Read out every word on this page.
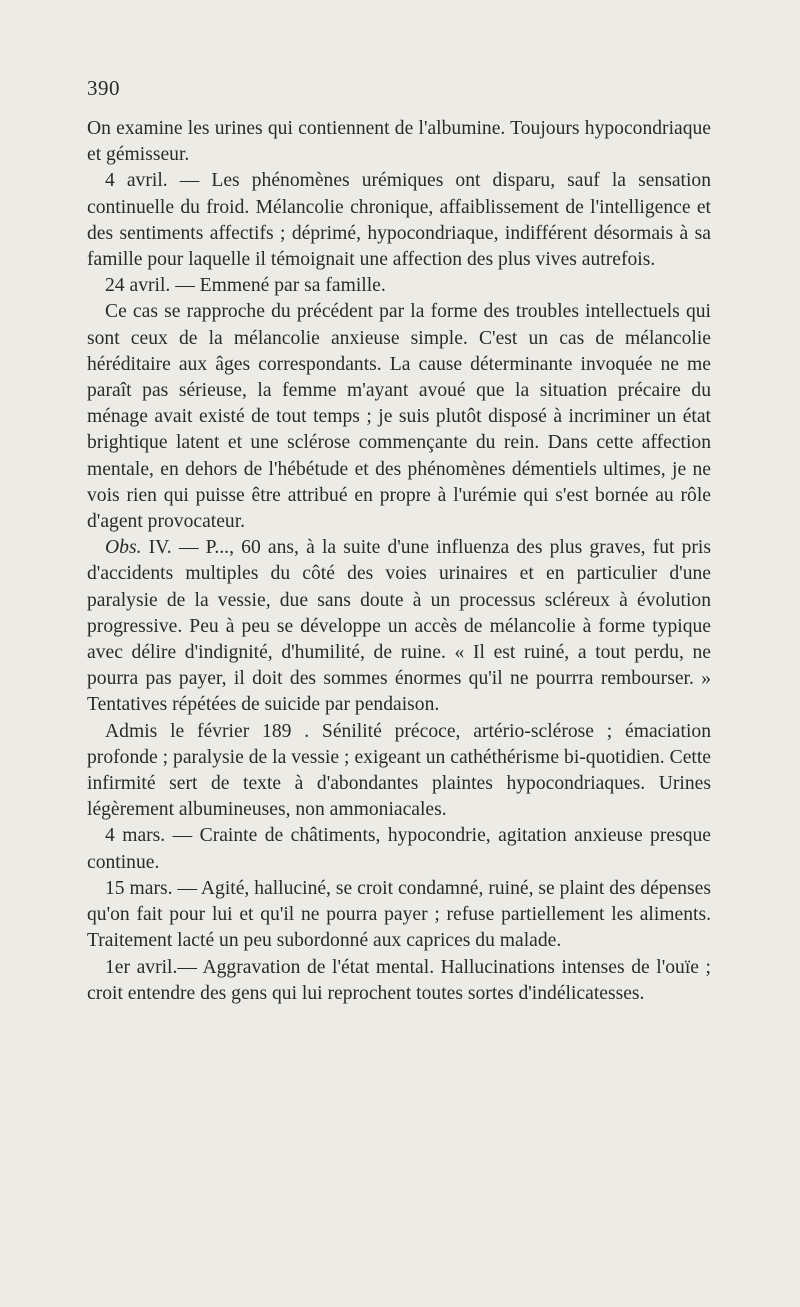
390

On examine les urines qui contiennent de l'albumine. Toujours hypocondriaque et gémisseur.

4 avril. — Les phénomènes urémiques ont disparu, sauf la sensation continuelle du froid. Mélancolie chronique, affaiblissement de l'intelligence et des sentiments affectifs ; déprimé, hypocondriaque, indifférent désormais à sa famille pour laquelle il témoignait une affection des plus vives autrefois.

24 avril. — Emmené par sa famille.

Ce cas se rapproche du précédent par la forme des troubles intellectuels qui sont ceux de la mélancolie anxieuse simple. C'est un cas de mélancolie héréditaire aux âges correspondants. La cause déterminante invoquée ne me paraît pas sérieuse, la femme m'ayant avoué que la situation précaire du ménage avait existé de tout temps ; je suis plutôt disposé à incriminer un état brightique latent et une sclérose commençante du rein. Dans cette affection mentale, en dehors de l'hébétude et des phénomènes démentiels ultimes, je ne vois rien qui puisse être attribué en propre à l'urémie qui s'est bornée au rôle d'agent provocateur.

Obs. IV. — P..., 60 ans, à la suite d'une influenza des plus graves, fut pris d'accidents multiples du côté des voies urinaires et en particulier d'une paralysie de la vessie, due sans doute à un processus scléreux à évolution progressive. Peu à peu se développe un accès de mélancolie à forme typique avec délire d'indignité, d'humilité, de ruine. « Il est ruiné, a tout perdu, ne pourra pas payer, il doit des sommes énormes qu'il ne pourrra rembourser. » Tentatives répétées de suicide par pendaison.

Admis le février 189 . Sénilité précoce, artério-sclérose ; émaciation profonde ; paralysie de la vessie ; exigeant un cathéthérisme bi-quotidien. Cette infirmité sert de texte à d'abondantes plaintes hypocondriaques. Urines légèrement albumineuses, non ammoniacales.

4 mars. — Crainte de châtiments, hypocondrie, agitation anxieuse presque continue.

15 mars. — Agité, halluciné, se croit condamné, ruiné, se plaint des dépenses qu'on fait pour lui et qu'il ne pourra payer ; refuse partiellement les aliments. Traitement lacté un peu subordonné aux caprices du malade.

1er avril.— Aggravation de l'état mental. Hallucinations intenses de l'ouïe ; croit entendre des gens qui lui reprochent toutes sortes d'indélicatesses.
